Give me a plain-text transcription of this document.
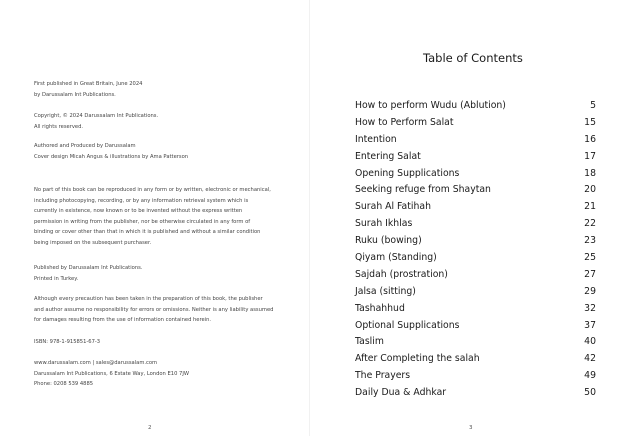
First published in Great Britain, June 2024
by Darussalam Int Publications.
Copyright, © 2024 Darussalam Int Publications.
All rights reserved.
Authored and Produced by Darussalam
Cover design Micah Angus & illustrations by Ama Patterson
No part of this book can be reproduced in any form or by written, electronic or mechanical,
including photocopying, recording, or by any information retrieval system which is
currently in existence, now known or to be invented without the express written
permission in writing from the publisher, nor be otherwise circulated in any form of
binding or cover other than that in which it is published and without a similar condition
being imposed on the subsequent purchaser.
Published by Darussalam Int Publications.
Printed in Turkey.
Although every precaution has been taken in the preparation of this book, the publisher
and author assume no responsibility for errors or omissions. Neither is any liability assumed
for damages resulting from the use of information contained herein.
ISBN: 978-1-915851-67-3
www.darussalam.com | sales@darussalam.com
Darussalam Int Publications, 6 Estate Way, London E10 7JW
Phone: 0208 539 4885
2
Table of Contents
How to perform Wudu (Ablution)	5
How to Perform Salat	15
Intention	16
Entering Salat	17
Opening Supplications	18
Seeking refuge from Shaytan	20
Surah Al Fatihah	21
Surah Ikhlas	22
Ruku (bowing)	23
Qiyam (Standing)	25
Sajdah (prostration)	27
Jalsa (sitting)	29
Tashahhud	32
Optional Supplications	37
Taslim	40
After Completing the salah	42
The Prayers	49
Daily Dua & Adhkar	50
3
